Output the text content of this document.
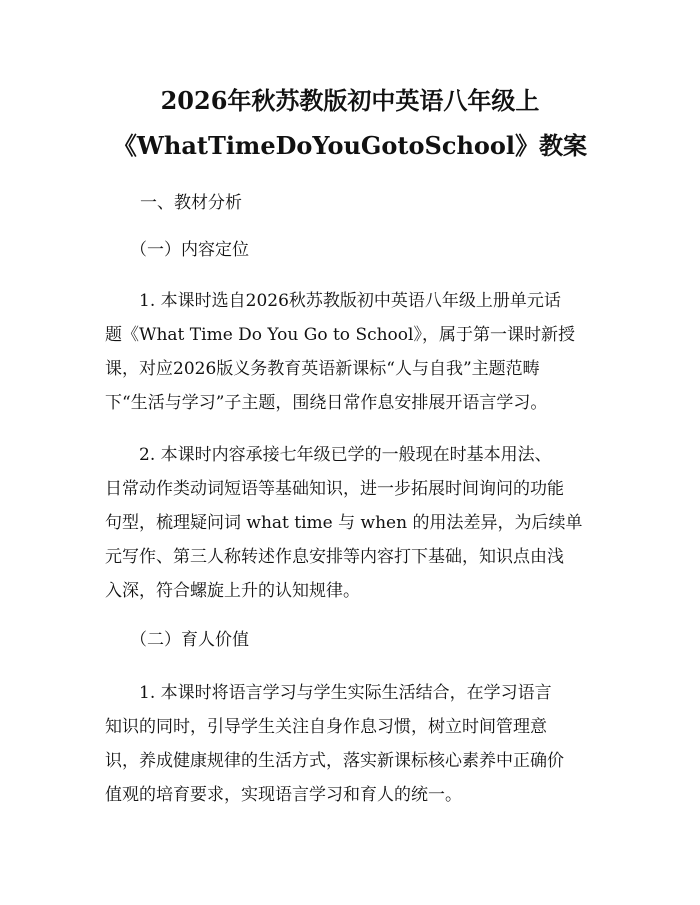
2026年秋苏教版初中英语八年级上
《WhatTimeDoYouGotoSchool》教案
一、教材分析
（一）内容定位
1. 本课时选自2026秋苏教版初中英语八年级上册单元话
题《What Time Do You Go to School》，属于第一课时新授
课，对应2026版义务教育英语新课标“人与自我”主题范畴
下“生活与学习”子主题，围绕日常作息安排展开语言学习。
2. 本课时内容承接七年级已学的一般现在时基本用法、
日常动作类动词短语等基础知识，进一步拓展时间询问的功能
句型，梳理疑问词 what time 与 when 的用法差异，为后续单
元写作、第三人称转述作息安排等内容打下基础，知识点由浅
入深，符合螺旋上升的认知规律。
（二）育人价值
1. 本课时将语言学习与学生实际生活结合，在学习语言
知识的同时，引导学生关注自身作息习惯，树立时间管理意
识，养成健康规律的生活方式，落实新课标核心素养中正确价
值观的培育要求，实现语言学习和育人的统一。
